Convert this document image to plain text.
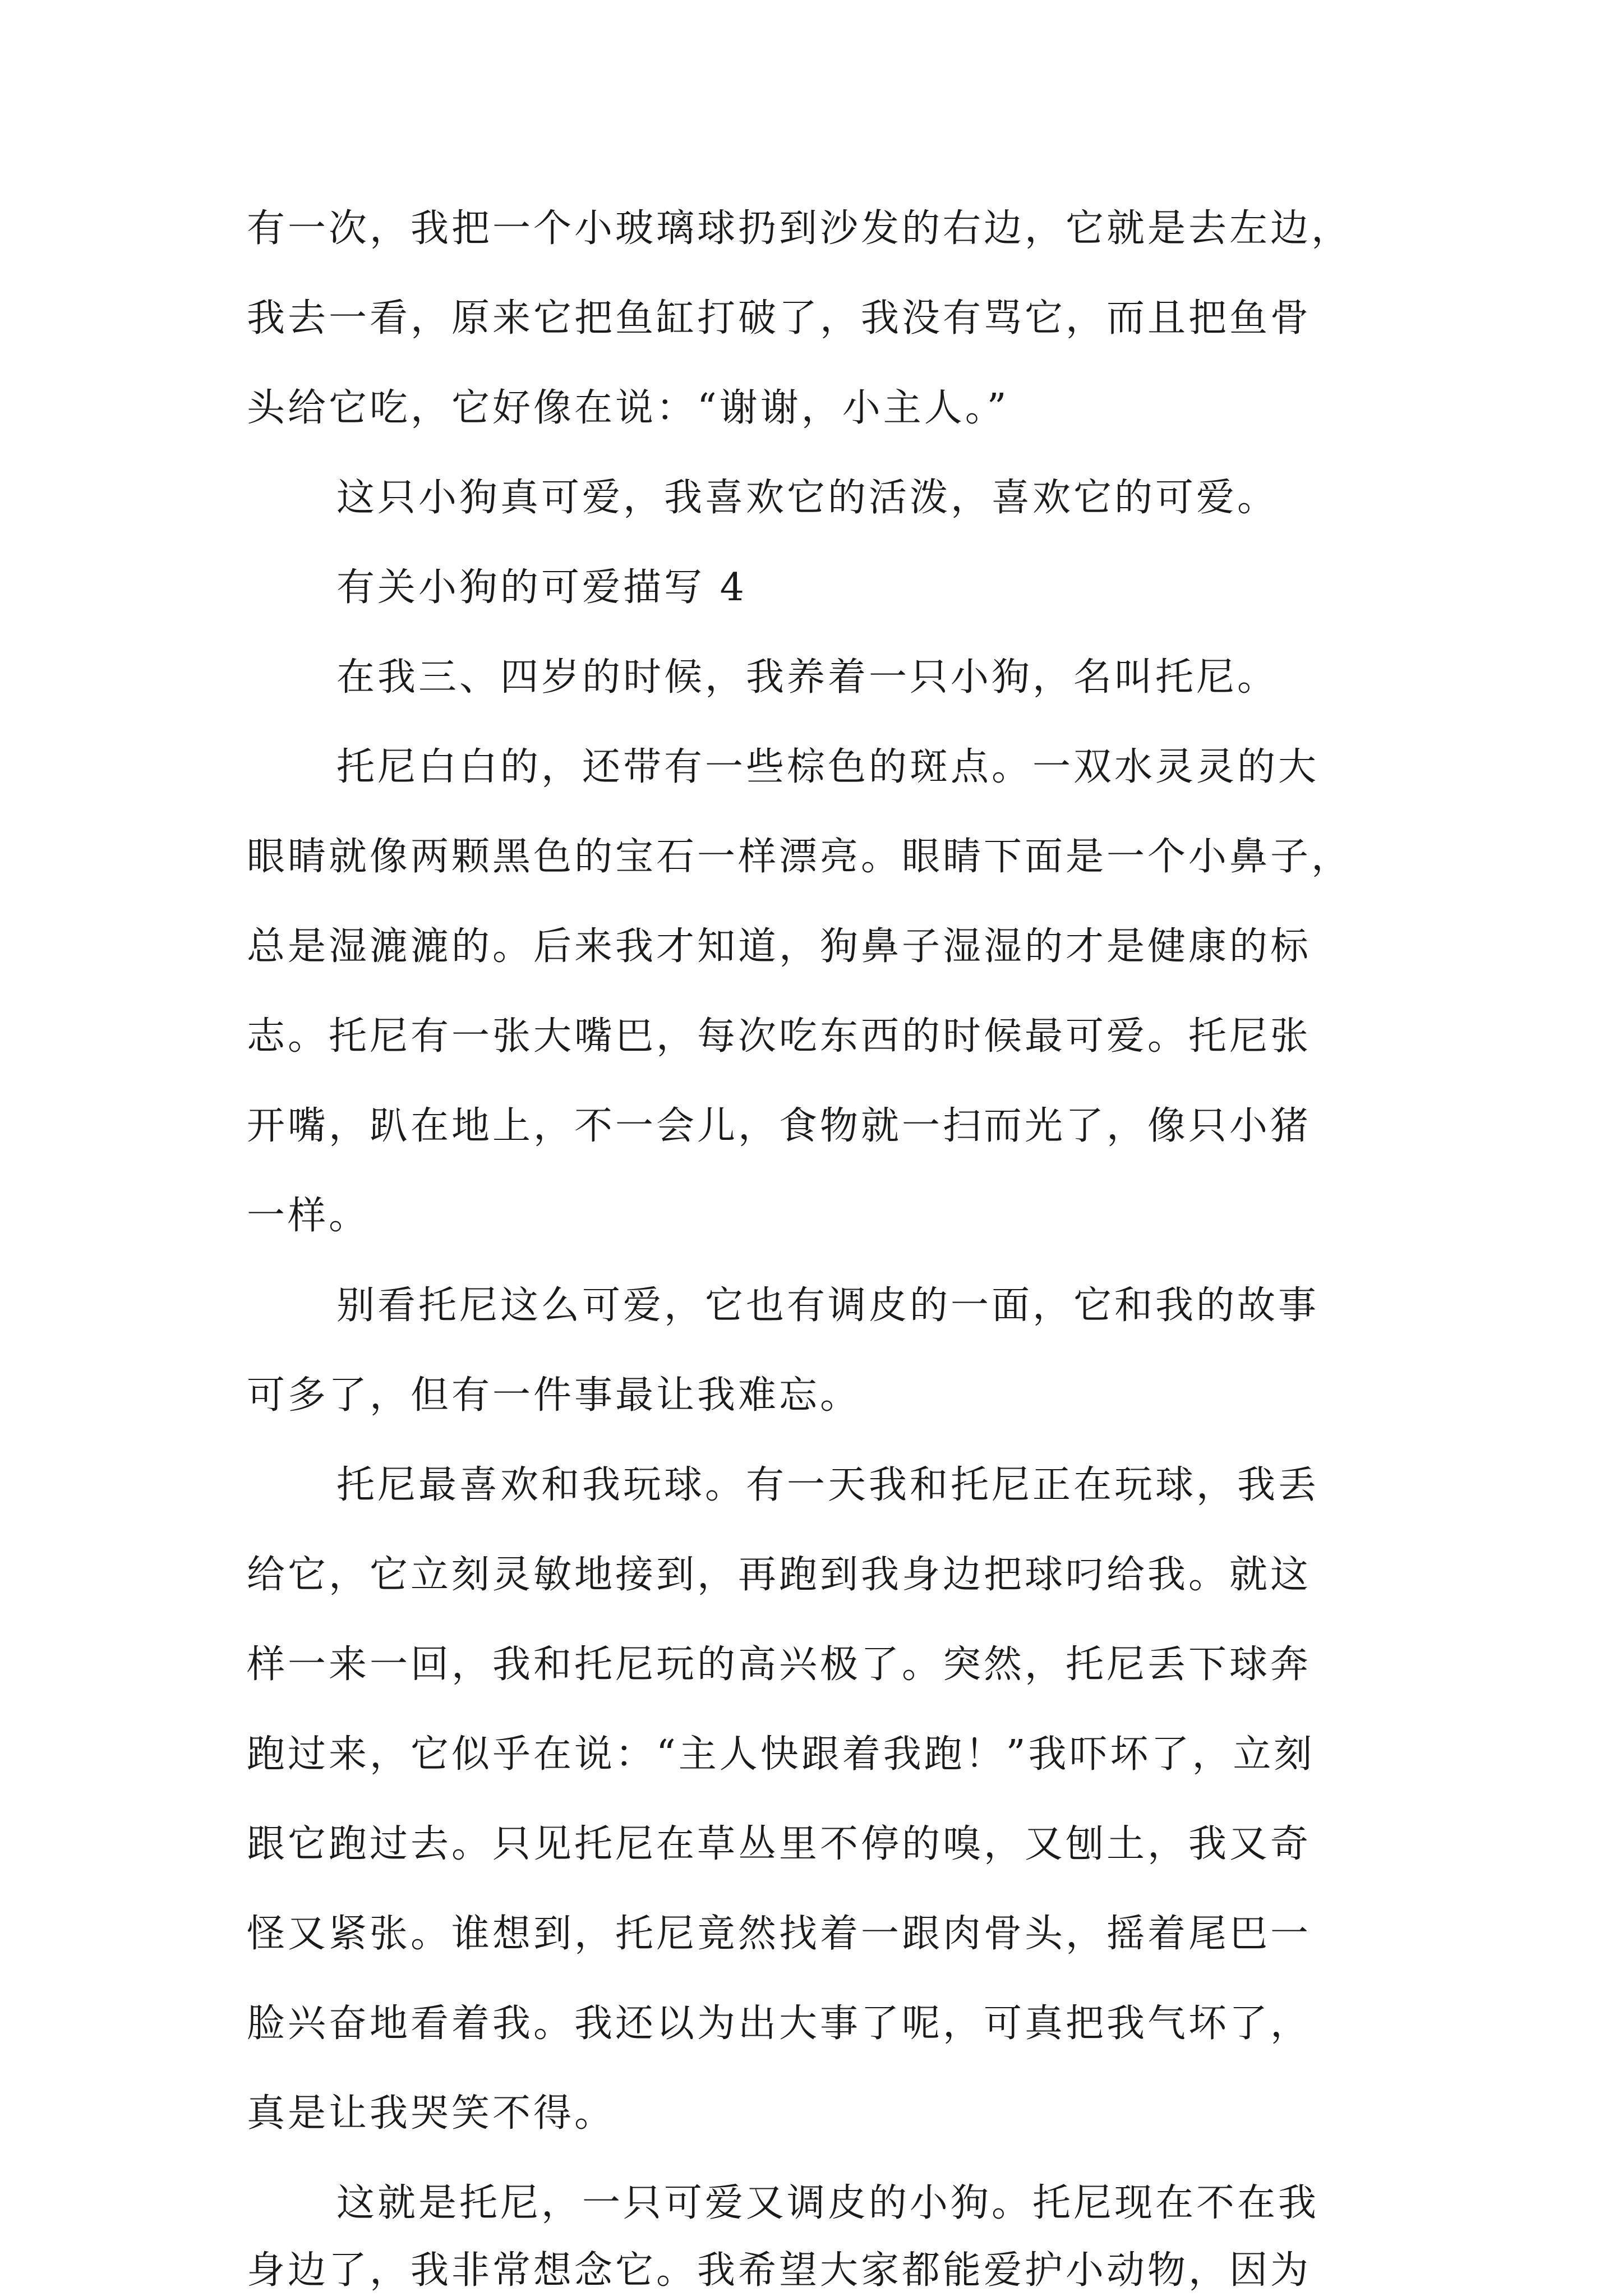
有一次，我把一个小玻璃球扔到沙发的右边，它就是去左边，
我去一看，原来它把鱼缸打破了，我没有骂它，而且把鱼骨
头给它吃，它好像在说：“谢谢，小主人。”
这只小狗真可爱，我喜欢它的活泼，喜欢它的可爱。
有关小狗的可爱描写 4
在我三、四岁的时候，我养着一只小狗，名叫托尼。
托尼白白的，还带有一些棕色的斑点。一双水灵灵的大
眼睛就像两颗黑色的宝石一样漂亮。眼睛下面是一个小鼻子，
总是湿漉漉的。后来我才知道，狗鼻子湿湿的才是健康的标
志。托尼有一张大嘴巴，每次吃东西的时候最可爱。托尼张
开嘴，趴在地上，不一会儿，食物就一扫而光了，像只小猪
一样。
别看托尼这么可爱，它也有调皮的一面，它和我的故事
可多了，但有一件事最让我难忘。
托尼最喜欢和我玩球。有一天我和托尼正在玩球，我丢
给它，它立刻灵敏地接到，再跑到我身边把球叼给我。就这
样一来一回，我和托尼玩的高兴极了。突然，托尼丢下球奔
跑过来，它似乎在说：“主人快跟着我跑！”我吓坏了，立刻
跟它跑过去。只见托尼在草丛里不停的嗅，又刨土，我又奇
怪又紧张。谁想到，托尼竟然找着一跟肉骨头，摇着尾巴一
脸兴奋地看着我。我还以为出大事了呢，可真把我气坏了，
真是让我哭笑不得。
这就是托尼，一只可爱又调皮的小狗。托尼现在不在我
身边了，我非常想念它。我希望大家都能爱护小动物，因为
